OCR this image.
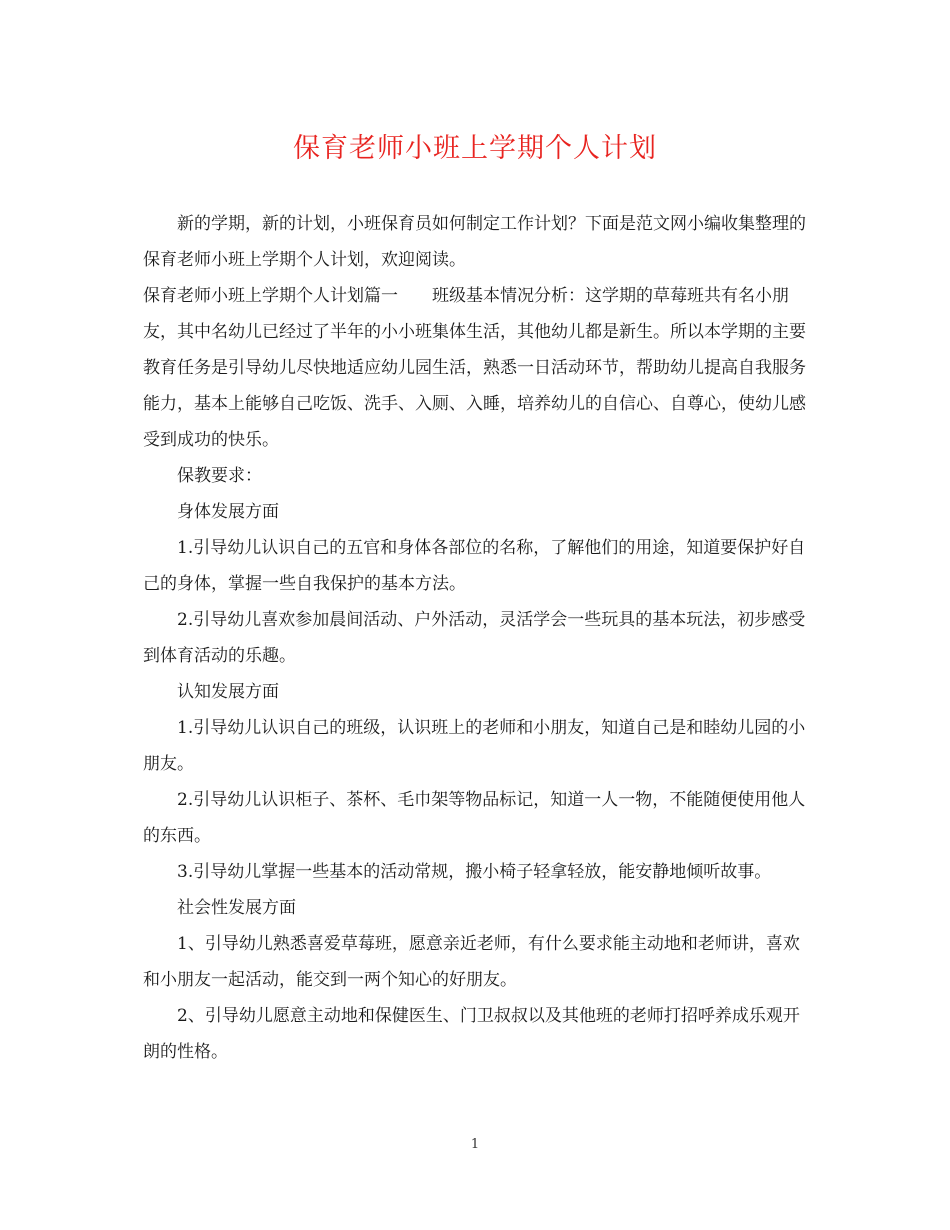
保育老师小班上学期个人计划

新的学期，新的计划，小班保育员如何制定工作计划？下面是范文网小编收集整理的保育老师小班上学期个人计划，欢迎阅读。

保育老师小班上学期个人计划篇一　　班级基本情况分析：这学期的草莓班共有名小朋友，其中名幼儿已经过了半年的小小班集体生活，其他幼儿都是新生。所以本学期的主要教育任务是引导幼儿尽快地适应幼儿园生活，熟悉一日活动环节，帮助幼儿提高自我服务能力，基本上能够自己吃饭、洗手、入厕、入睡，培养幼儿的自信心、自尊心，使幼儿感受到成功的快乐。

保教要求：

身体发展方面

1.引导幼儿认识自己的五官和身体各部位的名称，了解他们的用途，知道要保护好自己的身体，掌握一些自我保护的基本方法。

2.引导幼儿喜欢参加晨间活动、户外活动，灵活学会一些玩具的基本玩法，初步感受到体育活动的乐趣。

认知发展方面

1.引导幼儿认识自己的班级，认识班上的老师和小朋友，知道自己是和睦幼儿园的小朋友。

2.引导幼儿认识柜子、茶杯、毛巾架等物品标记，知道一人一物，不能随便使用他人的东西。

3.引导幼儿掌握一些基本的活动常规，搬小椅子轻拿轻放，能安静地倾听故事。

社会性发展方面

1、引导幼儿熟悉喜爱草莓班，愿意亲近老师，有什么要求能主动地和老师讲，喜欢和小朋友一起活动，能交到一两个知心的好朋友。

2、引导幼儿愿意主动地和保健医生、门卫叔叔以及其他班的老师打招呼养成乐观开朗的性格。

1
